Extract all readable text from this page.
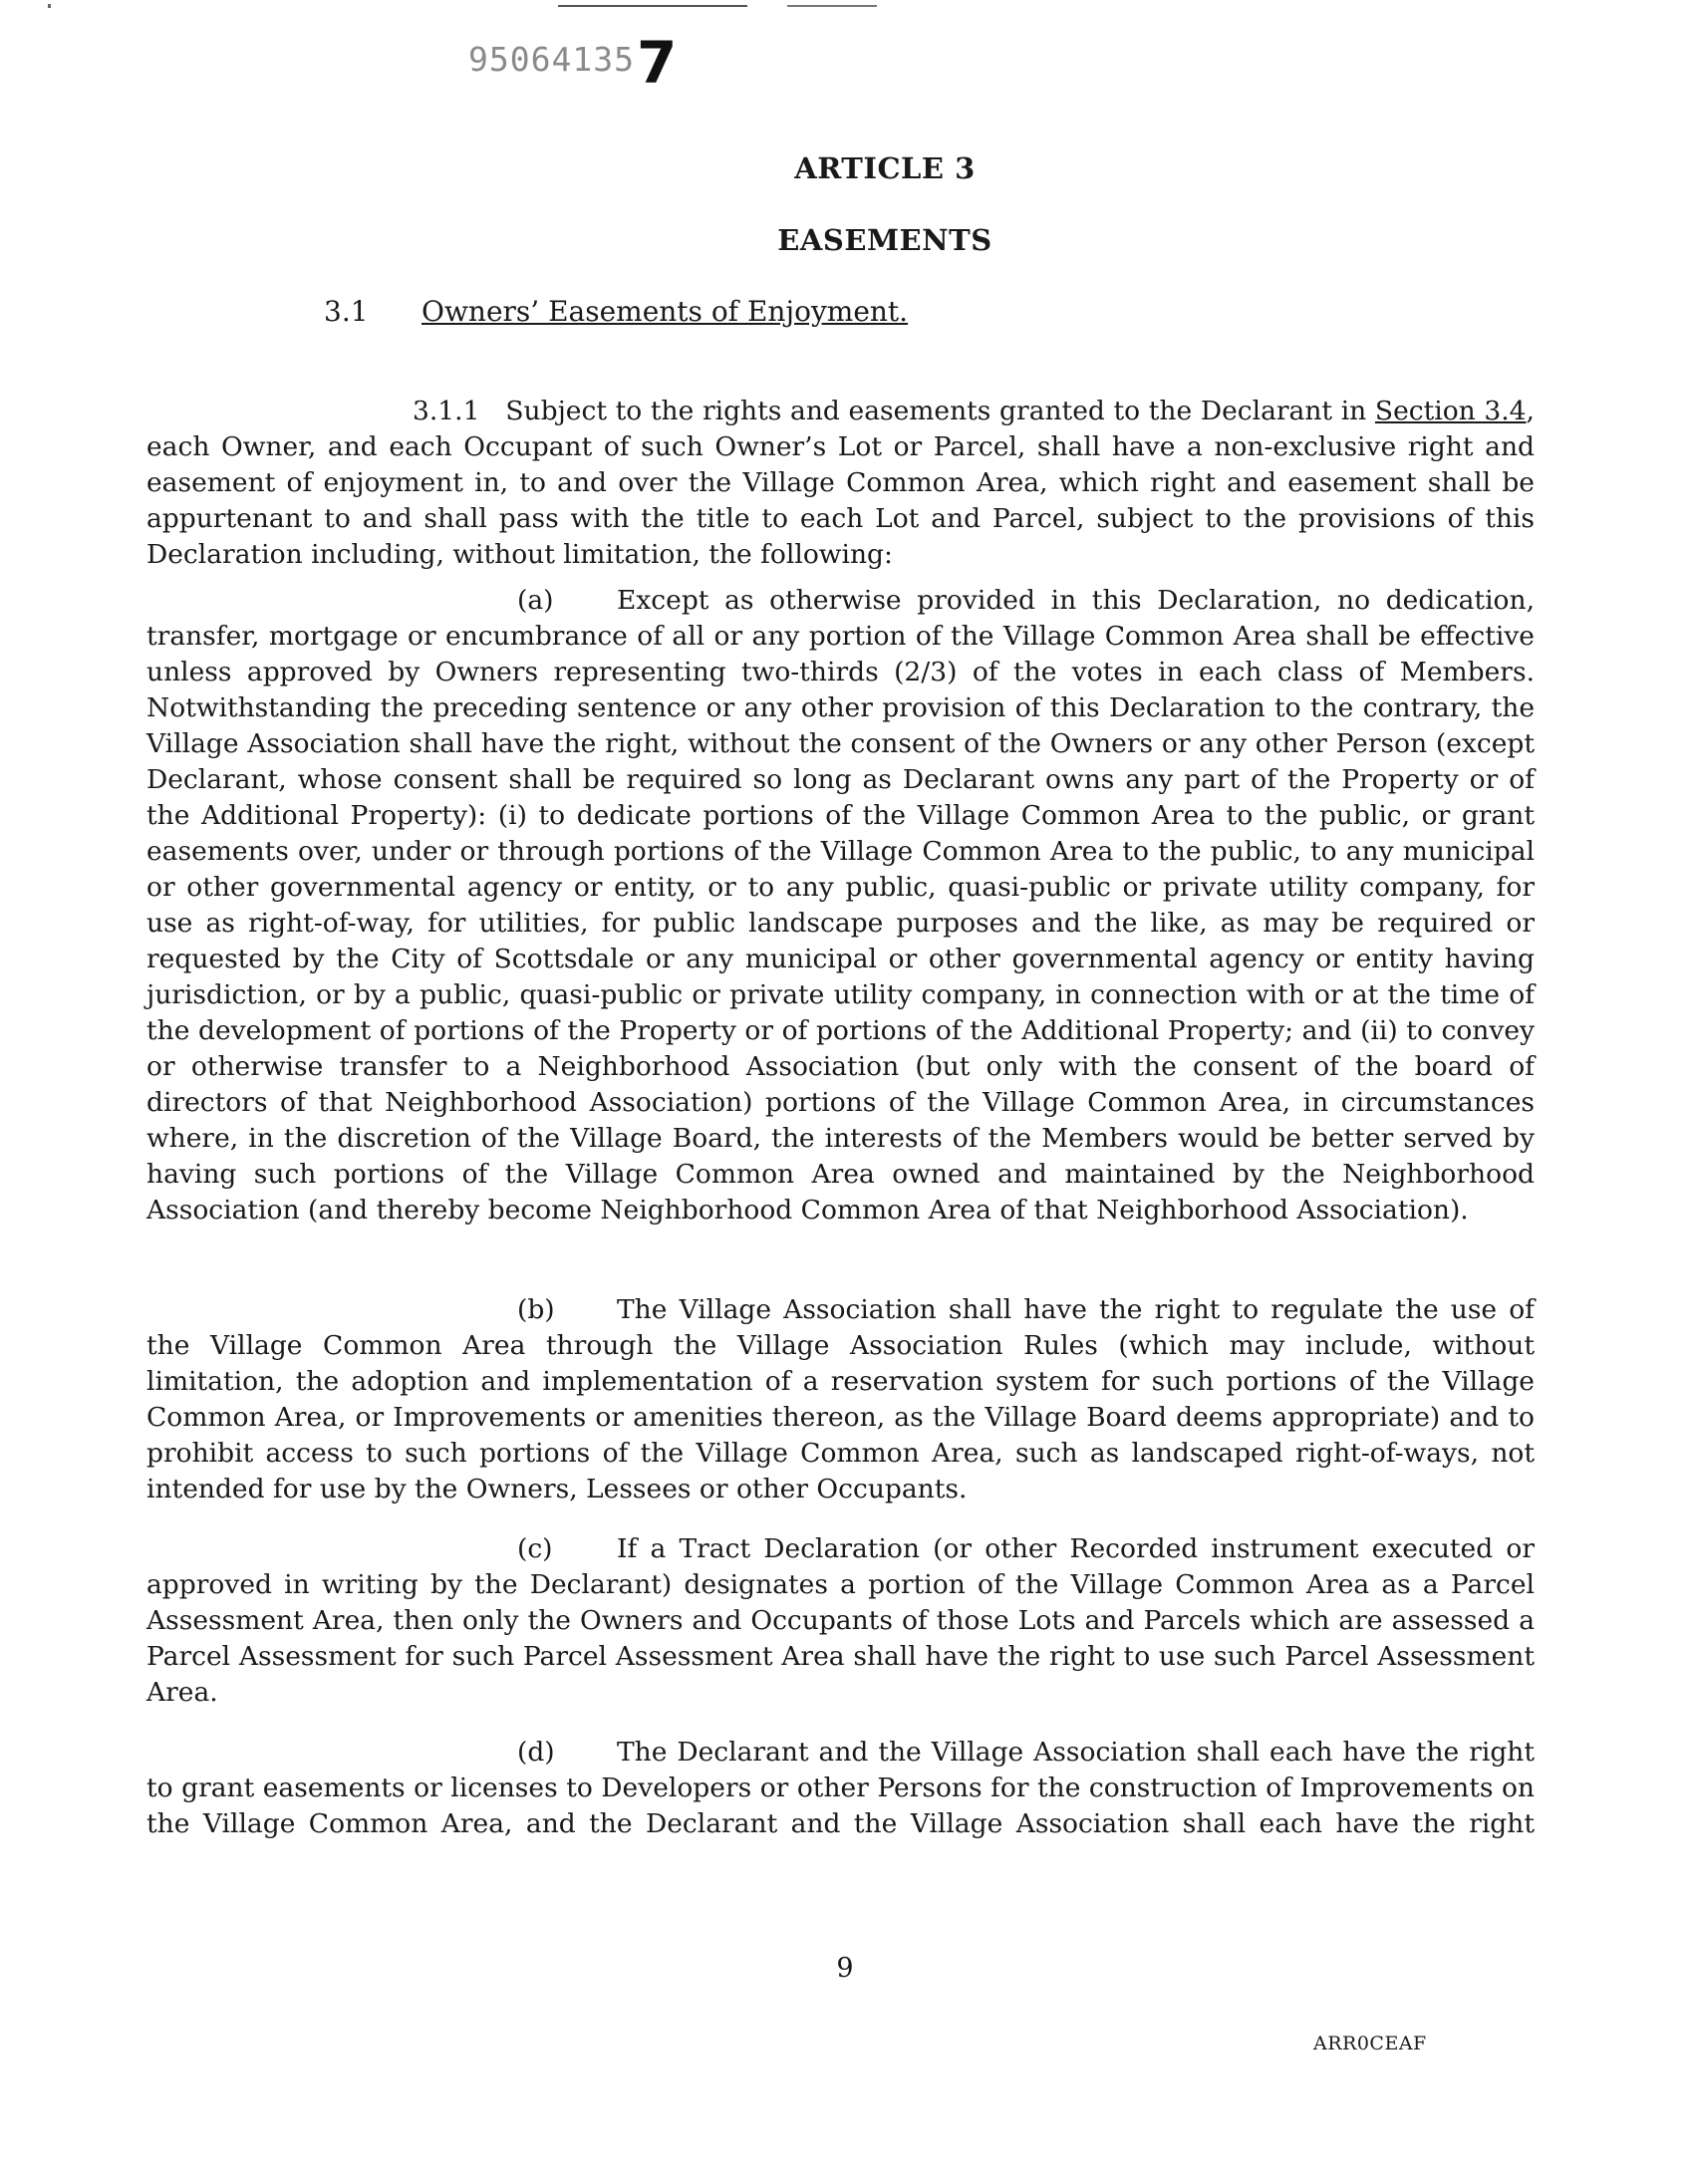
950641357
ARTICLE 3
EASEMENTS
3.1 Owners’ Easements of Enjoyment.
3.1.1 Subject to the rights and easements granted to the Declarant in Section 3.4, each Owner, and each Occupant of such Owner’s Lot or Parcel, shall have a non-exclusive right and easement of enjoyment in, to and over the Village Common Area, which right and easement shall be appurtenant to and shall pass with the title to each Lot and Parcel, subject to the provisions of this Declaration including, without limitation, the following:
(a) Except as otherwise provided in this Declaration, no dedication, transfer, mortgage or encumbrance of all or any portion of the Village Common Area shall be effective unless approved by Owners representing two-thirds (2/3) of the votes in each class of Members. Notwithstanding the preceding sentence or any other provision of this Declaration to the contrary, the Village Association shall have the right, without the consent of the Owners or any other Person (except Declarant, whose consent shall be required so long as Declarant owns any part of the Property or of the Additional Property): (i) to dedicate portions of the Village Common Area to the public, or grant easements over, under or through portions of the Village Common Area to the public, to any municipal or other governmental agency or entity, or to any public, quasi-public or private utility company, for use as right-of-way, for utilities, for public landscape purposes and the like, as may be required or requested by the City of Scottsdale or any municipal or other governmental agency or entity having jurisdiction, or by a public, quasi-public or private utility company, in connection with or at the time of the development of portions of the Property or of portions of the Additional Property; and (ii) to convey or otherwise transfer to a Neighborhood Association (but only with the consent of the board of directors of that Neighborhood Association) portions of the Village Common Area, in circumstances where, in the discretion of the Village Board, the interests of the Members would be better served by having such portions of the Village Common Area owned and maintained by the Neighborhood Association (and thereby become Neighborhood Common Area of that Neighborhood Association).
(b) The Village Association shall have the right to regulate the use of the Village Common Area through the Village Association Rules (which may include, without limitation, the adoption and implementation of a reservation system for such portions of the Village Common Area, or Improvements or amenities thereon, as the Village Board deems appropriate) and to prohibit access to such portions of the Village Common Area, such as landscaped right-of-ways, not intended for use by the Owners, Lessees or other Occupants.
(c) If a Tract Declaration (or other Recorded instrument executed or approved in writing by the Declarant) designates a portion of the Village Common Area as a Parcel Assessment Area, then only the Owners and Occupants of those Lots and Parcels which are assessed a Parcel Assessment for such Parcel Assessment Area shall have the right to use such Parcel Assessment Area.
(d) The Declarant and the Village Association shall each have the right to grant easements or licenses to Developers or other Persons for the construction of Improvements on the Village Common Area, and the Declarant and the Village Association shall each have the right
9
ARR0CEAF
